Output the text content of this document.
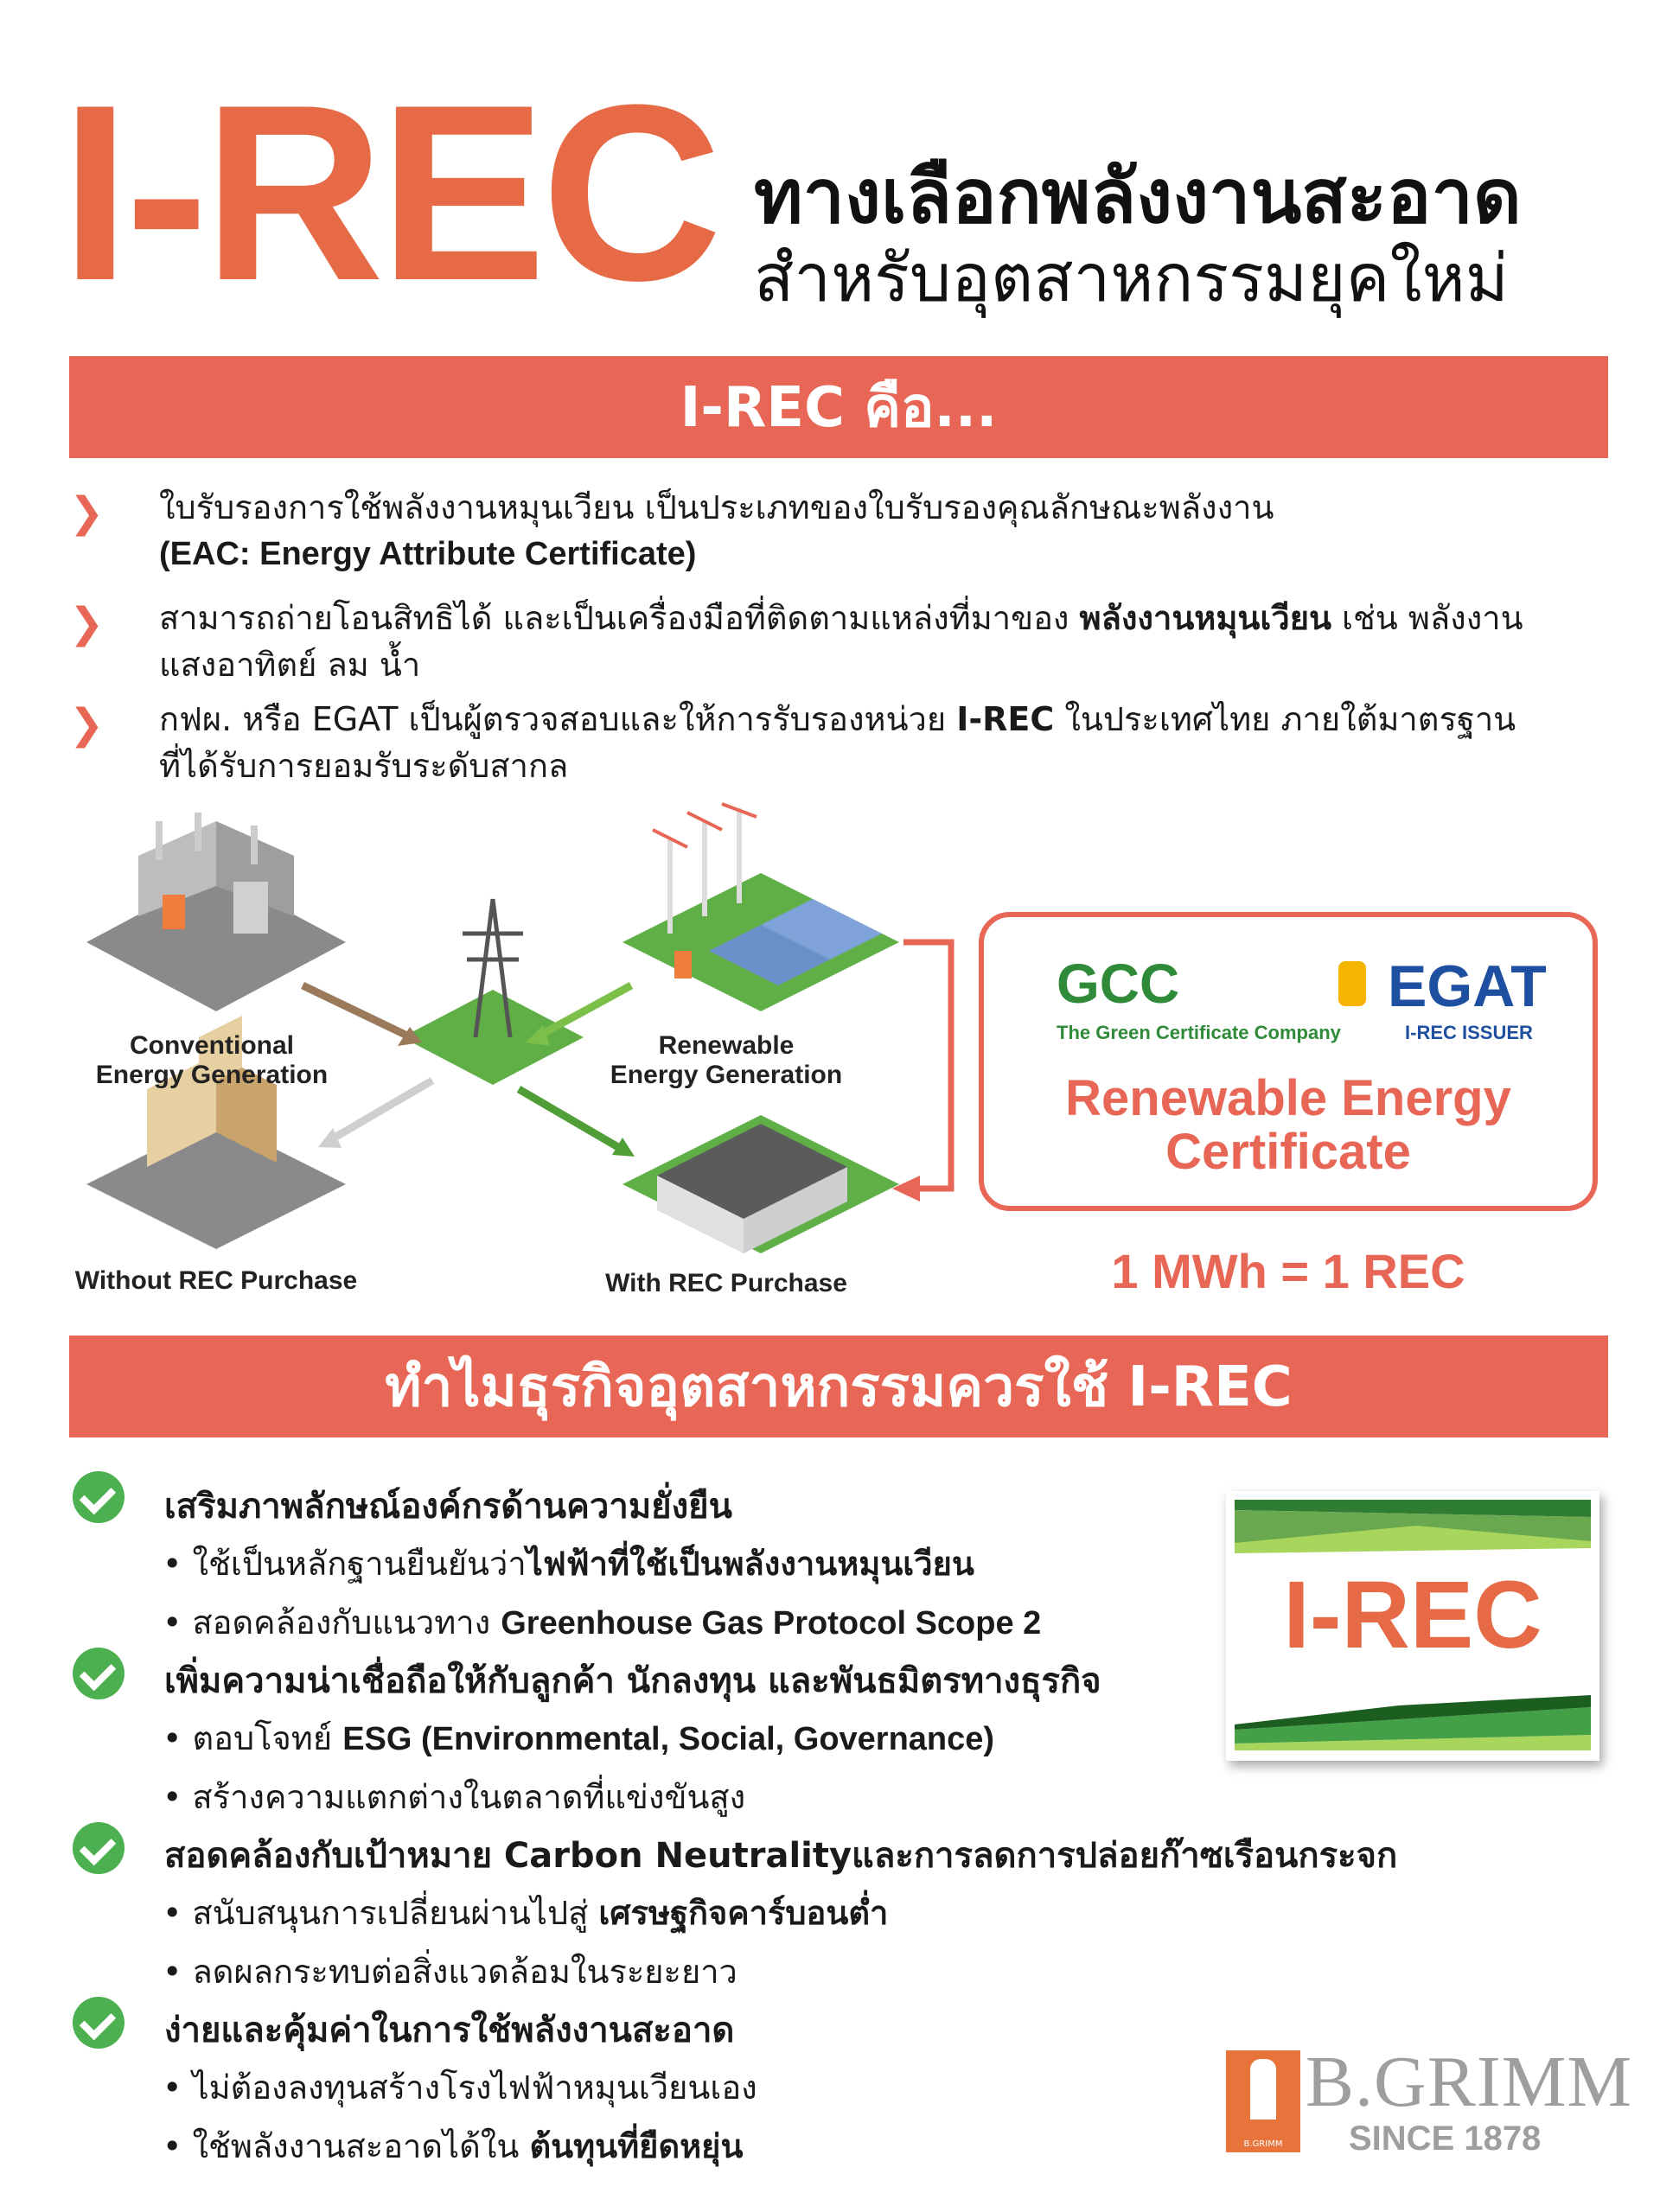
I-REC ทางเลือกพลังงานสะอาด
สำหรับอุตสาหกรรมยุคใหม่
I-REC คือ...
❯ ใบรับรองการใช้พลังงานหมุนเวียน เป็นประเภทของใบรับรองคุณลักษณะพลังงาน
(EAC: Energy Attribute Certificate)
❯ สามารถถ่ายโอนสิทธิได้ และเป็นเครื่องมือที่ติดตามแหล่งที่มาของ พลังงานหมุนเวียน เช่น พลังงาน
แสงอาทิตย์ ลม น้ำ
❯ กฟผ. หรือ EGAT เป็นผู้ตรวจสอบและให้การรับรองหน่วย I-REC ในประเทศไทย ภายใต้มาตรฐาน
ที่ได้รับการยอมรับระดับสากล
Conventional
Energy Generation
Renewable
Energy Generation
Without REC Purchase	With REC Purchase
GCC
The Green Certificate Company
EGAT
I-REC ISSUER
Renewable Energy
Certificate
1 MWh = 1 REC
ทำไมธุรกิจอุตสาหกรรมควรใช้ I-REC
เสริมภาพลักษณ์องค์กรด้านความยั่งยืน
• ใช้เป็นหลักฐานยืนยันว่าไฟฟ้าที่ใช้เป็นพลังงานหมุนเวียน
• สอดคล้องกับแนวทาง Greenhouse Gas Protocol Scope 2
เพิ่มความน่าเชื่อถือให้กับลูกค้า นักลงทุน และพันธมิตรทางธุรกิจ
• ตอบโจทย์ ESG (Environmental, Social, Governance)
• สร้างความแตกต่างในตลาดที่แข่งขันสูง
สอดคล้องกับเป้าหมาย Carbon Neutralityและการลดการปล่อยก๊าซเรือนกระจก
• สนับสนุนการเปลี่ยนผ่านไปสู่ เศรษฐกิจคาร์บอนต่ำ
• ลดผลกระทบต่อสิ่งแวดล้อมในระยะยาว
ง่ายและคุ้มค่าในการใช้พลังงานสะอาด
• ไม่ต้องลงทุนสร้างโรงไฟฟ้าหมุนเวียนเอง
• ใช้พลังงานสะอาดได้ใน ต้นทุนที่ยืดหยุ่น
I-REC
B.GRIMM
B.GRIMM
SINCE 1878
